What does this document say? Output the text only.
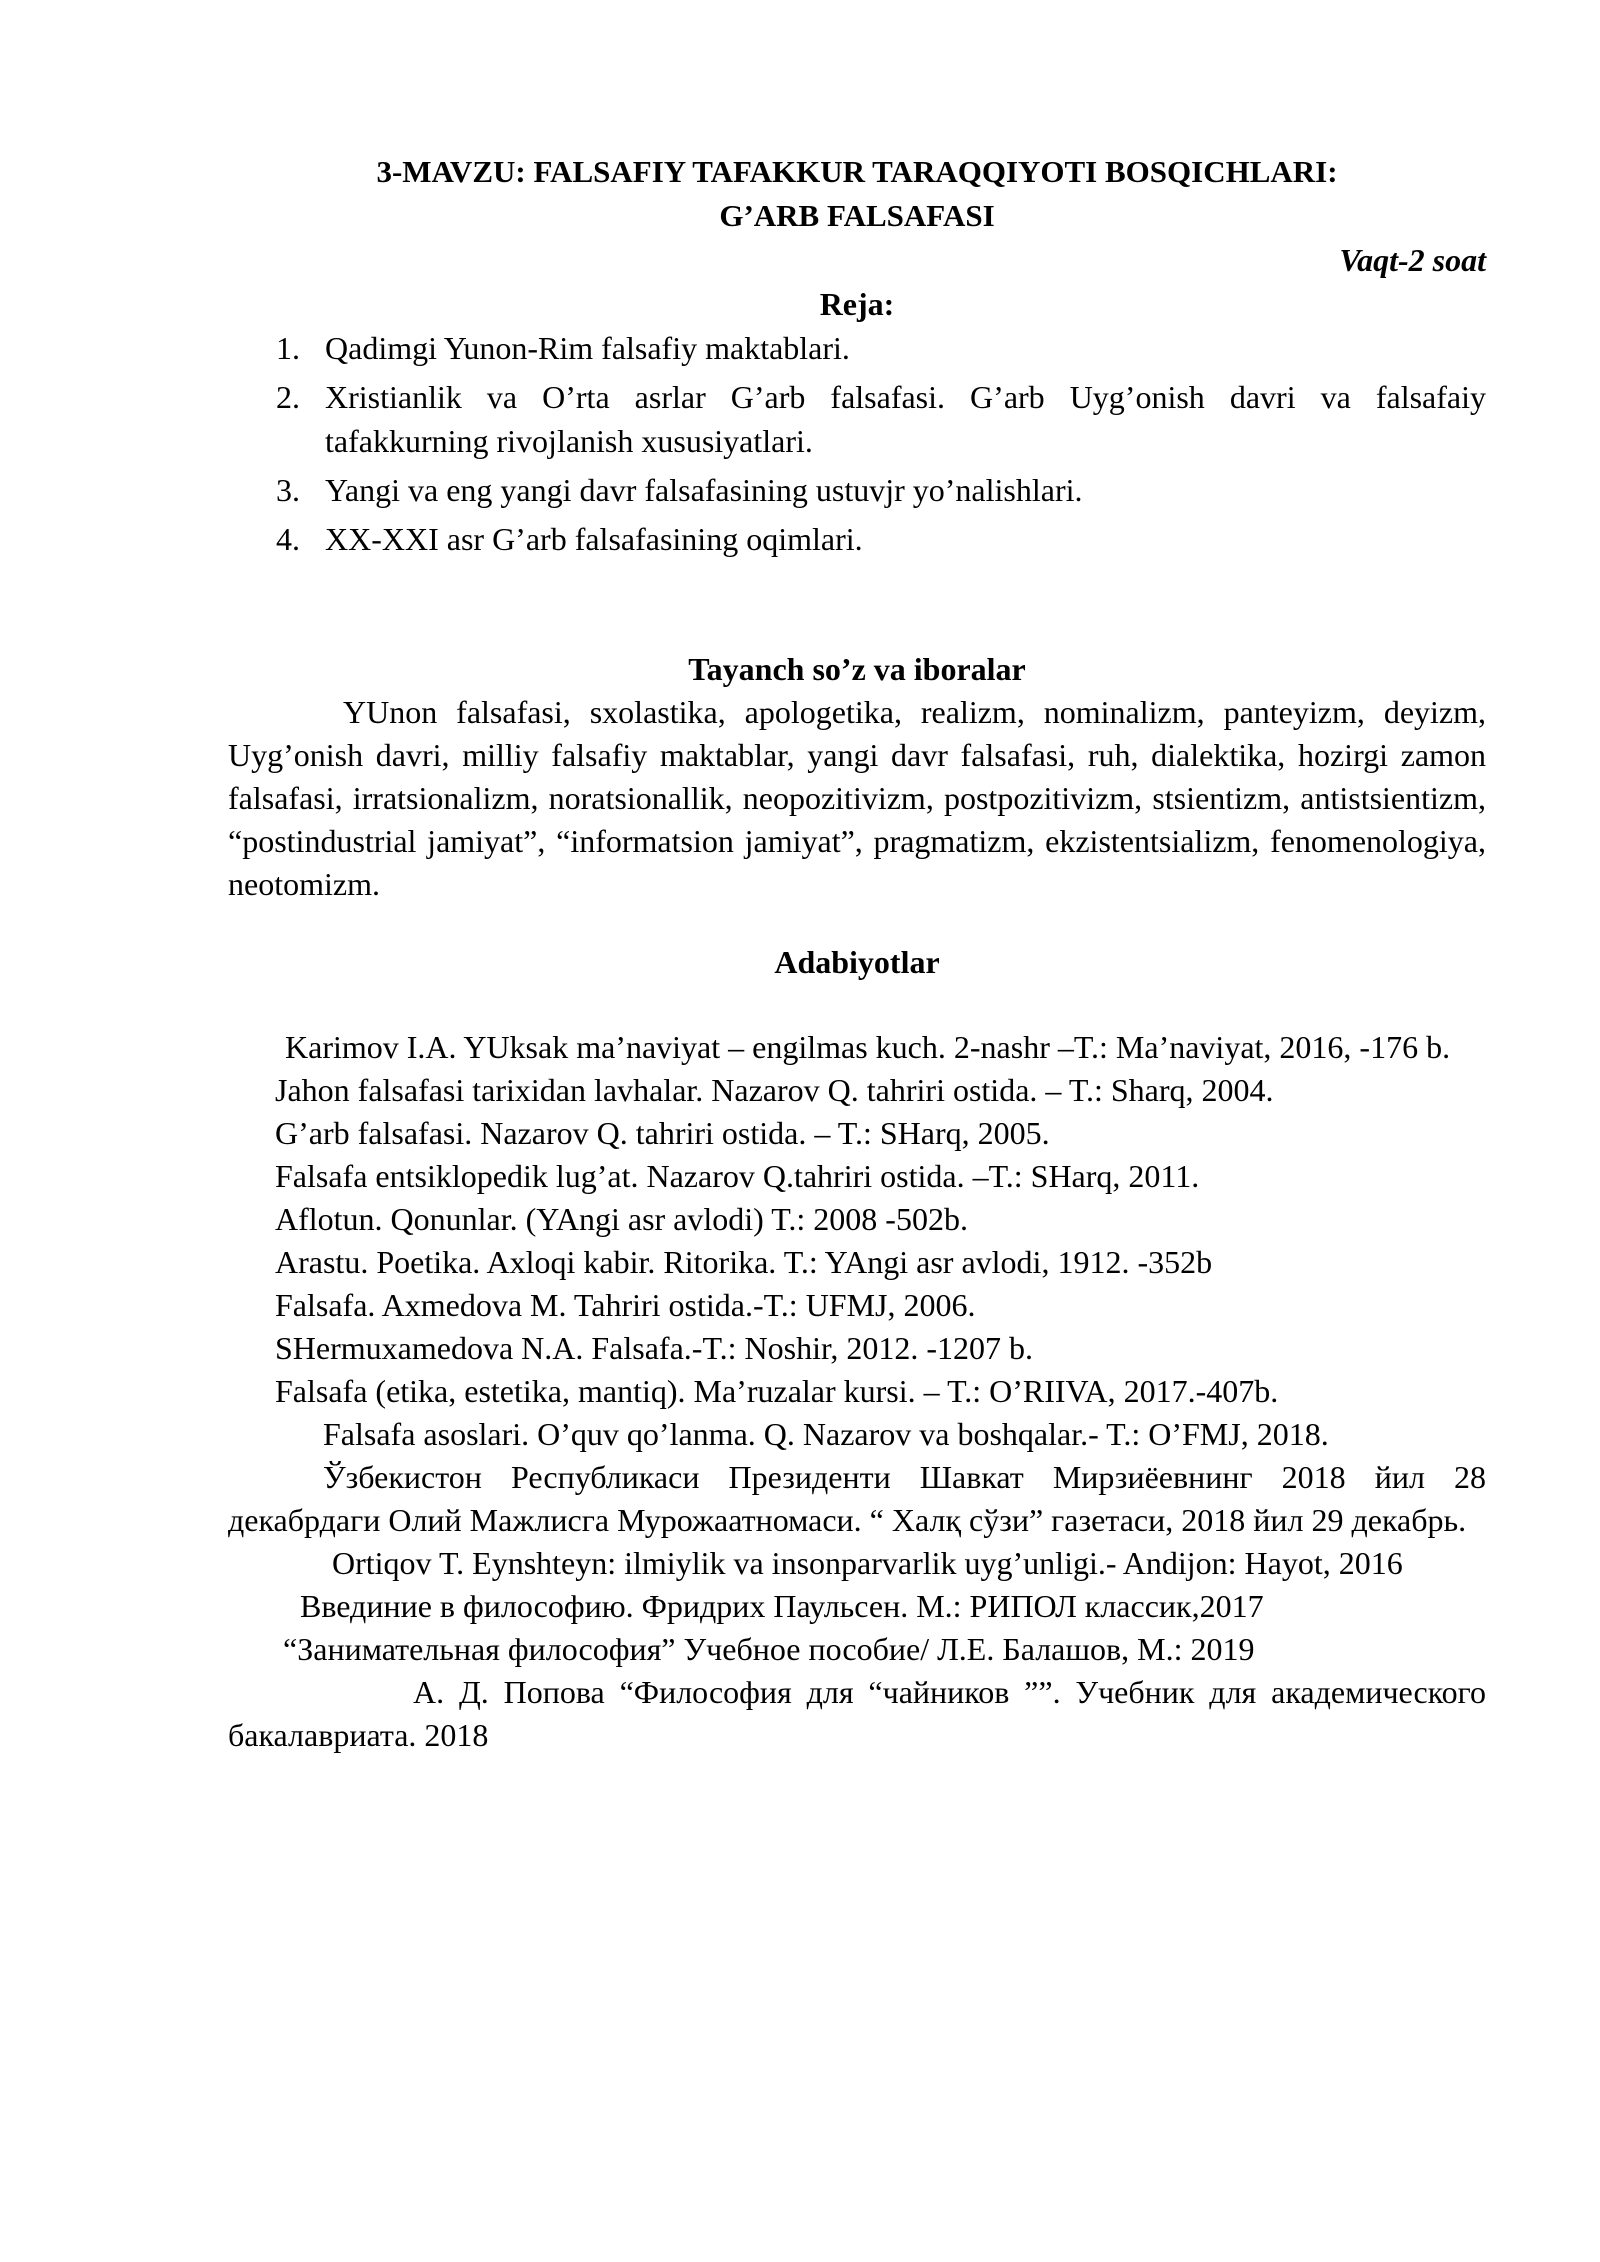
3-MAVZU: FALSAFIY TAFAKKUR TARAQQIYOTI BOSQICHLARI:

G’ARB FALSAFASI

Vaqt-2 soat

Reja:

1. Qadimgi Yunon-Rim falsafiy maktablari.
2. Xristianlik va O’rta asrlar G’arb falsafasi. G’arb Uyg’onish davri va falsafaiy tafakkurning rivojlanish xususiyatlari.
3. Yangi va eng yangi davr falsafasining ustuvjr yo’nalishlari.
4. XX-XXI asr G’arb falsafasining oqimlari.

Tayanch so’z va iboralar

YUnon falsafasi, sxolastika, apologetika, realizm, nominalizm, panteyizm, deyizm, Uyg’onish davri, milliy falsafiy maktablar, yangi davr falsafasi, ruh, dialektika, hozirgi zamon falsafasi, irratsionalizm, noratsionallik, neopozitivizm, postpozitivizm, stsientizm, antistsientizm, “postindustrial jamiyat”, “informatsion jamiyat”, pragmatizm, ekzistentsializm, fenomenologiya, neotomizm.

Adabiyotlar

Karimov I.A. YUksak ma’naviyat – engilmas kuch. 2-nashr –T.: Ma’naviyat, 2016, -176 b.

Jahon falsafasi tarixidan lavhalar. Nazarov Q. tahriri ostida. – T.: Sharq, 2004.

G’arb falsafasi. Nazarov Q. tahriri ostida. – T.: SHarq, 2005.

Falsafa entsiklopedik lug’at. Nazarov Q.tahriri ostida. –T.: SHarq, 2011.

Aflotun. Qonunlar. (YAngi asr avlodi) T.: 2008 -502b.

Arastu. Poetika. Axloqi kabir. Ritorika. T.: YAngi asr avlodi, 1912. -352b

Falsafa. Axmedova M. Tahriri ostida.-T.: UFMJ, 2006.

SHermuxamedova N.A. Falsafa.-T.: Noshir, 2012. -1207 b.

Falsafa (etika, estetika, mantiq). Ma’ruzalar kursi. – T.: O’RIIVA, 2017.-407b.

Falsafa asoslari. O’quv qo’lanma. Q. Nazarov va boshqalar.- T.: O’FMJ, 2018.

Ўзбекистон Республикаси Президенти Шавкат Мирзиёевнинг 2018 йил 28 декабрдаги Олий Мажлисга Мурожаатномаси. “ Халқ сўзи” газетаси, 2018 йил 29 декабрь.

Ortiqov T. Eynshteyn: ilmiylik va insonparvarlik uyg’unligi.- Andijon: Hayot, 2016

Введиние в философию. Фридрих Паульсен. М.: РИПОЛ классик,2017

“Занимательная философия” Учебное пособие/ Л.Е. Балашов, М.: 2019

А. Д. Попова “Философия для “чайников ””. Учебник для академического бакалавриата. 2018
